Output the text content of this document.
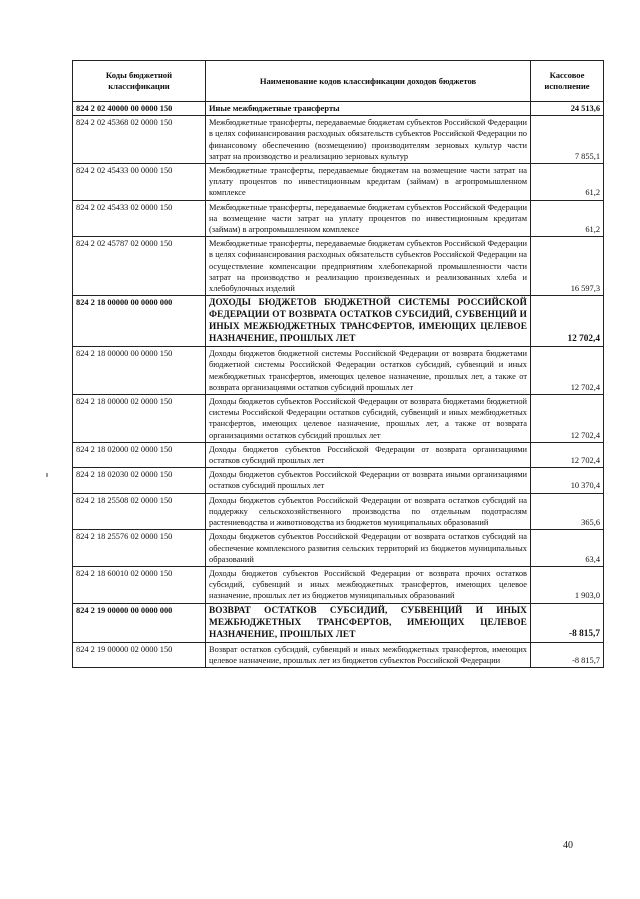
Коды бюджетной классификации	Наименование кодов классификации доходов бюджетов	Кассовое исполнение
824 2 02 40000 00 0000 150	Иные межбюджетные трансферты	24 513,6
824 2 02 45368 02 0000 150	Межбюджетные трансферты, передаваемые бюджетам субъектов Российской Федерации в целях софинансирования расходных обязательств субъектов Российской Федерации по финансовому обеспечению (возмещению) производителям зерновых культур части затрат на производство и реализацию зерновых культур	7 855,1
824 2 02 45433 00 0000 150	Межбюджетные трансферты, передаваемые бюджетам на возмещение части затрат на уплату процентов по инвестиционным кредитам (займам) в агропромышленном комплексе	61,2
824 2 02 45433 02 0000 150	Межбюджетные трансферты, передаваемые бюджетам субъектов Российской Федерации на возмещение части затрат на уплату процентов по инвестиционным кредитам (займам) в агропромышленном комплексе	61,2
824 2 02 45787 02 0000 150	Межбюджетные трансферты, передаваемые бюджетам субъектов Российской Федерации в целях софинансирования расходных обязательств субъектов Российской Федерации на осуществление компенсации предприятиям хлебопекарной промышленности части затрат на производство и реализацию произведенных и реализованных хлеба и хлебобулочных изделий	16 597,3
824 2 18 00000 00 0000 000	ДОХОДЫ БЮДЖЕТОВ БЮДЖЕТНОЙ СИСТЕМЫ РОССИЙСКОЙ ФЕДЕРАЦИИ ОТ ВОЗВРАТА ОСТАТКОВ СУБСИДИЙ, СУБВЕНЦИЙ И ИНЫХ МЕЖБЮДЖЕТНЫХ ТРАНСФЕРТОВ, ИМЕЮЩИХ ЦЕЛЕВОЕ НАЗНАЧЕНИЕ, ПРОШЛЫХ ЛЕТ	12 702,4
824 2 18 00000 00 0000 150	Доходы бюджетов бюджетной системы Российской Федерации от возврата бюджетами бюджетной системы Российской Федерации остатков субсидий, субвенций и иных межбюджетных трансфертов, имеющих целевое назначение, прошлых лет, а также от возврата организациями остатков субсидий прошлых лет	12 702,4
824 2 18 00000 02 0000 150	Доходы бюджетов субъектов Российской Федерации от возврата бюджетами бюджетной системы Российской Федерации остатков субсидий, субвенций и иных межбюджетных трансфертов, имеющих целевое назначение, прошлых лет, а также от возврата организациями остатков субсидий прошлых лет	12 702,4
824 2 18 02000 02 0000 150	Доходы бюджетов субъектов Российской Федерации от возврата организациями остатков субсидий прошлых лет	12 702,4
824 2 18 02030 02 0000 150	Доходы бюджетов субъектов Российской Федерации от возврата иными организациями остатков субсидий прошлых лет	10 370,4
824 2 18 25508 02 0000 150	Доходы бюджетов субъектов Российской Федерации от возврата остатков субсидий на поддержку сельскохозяйственного производства по отдельным подотраслям растениеводства и животноводства из бюджетов муниципальных образований	365,6
824 2 18 25576 02 0000 150	Доходы бюджетов субъектов Российской Федерации от возврата остатков субсидий на обеспечение комплексного развития сельских территорий из бюджетов муниципальных образований	63,4
824 2 18 60010 02 0000 150	Доходы бюджетов субъектов Российской Федерации от возврата прочих остатков субсидий, субвенций и иных межбюджетных трансфертов, имеющих целевое назначение, прошлых лет из бюджетов муниципальных образований	1 903,0
824 2 19 00000 00 0000 000	ВОЗВРАТ ОСТАТКОВ СУБСИДИЙ, СУБВЕНЦИЙ И ИНЫХ МЕЖБЮДЖЕТНЫХ ТРАНСФЕРТОВ, ИМЕЮЩИХ ЦЕЛЕВОЕ НАЗНАЧЕНИЕ, ПРОШЛЫХ ЛЕТ	-8 815,7
824 2 19 00000 02 0000 150	Возврат остатков субсидий, субвенций и иных межбюджетных трансфертов, имеющих целевое назначение, прошлых лет из бюджетов субъектов Российской Федерации	-8 815,7
40
